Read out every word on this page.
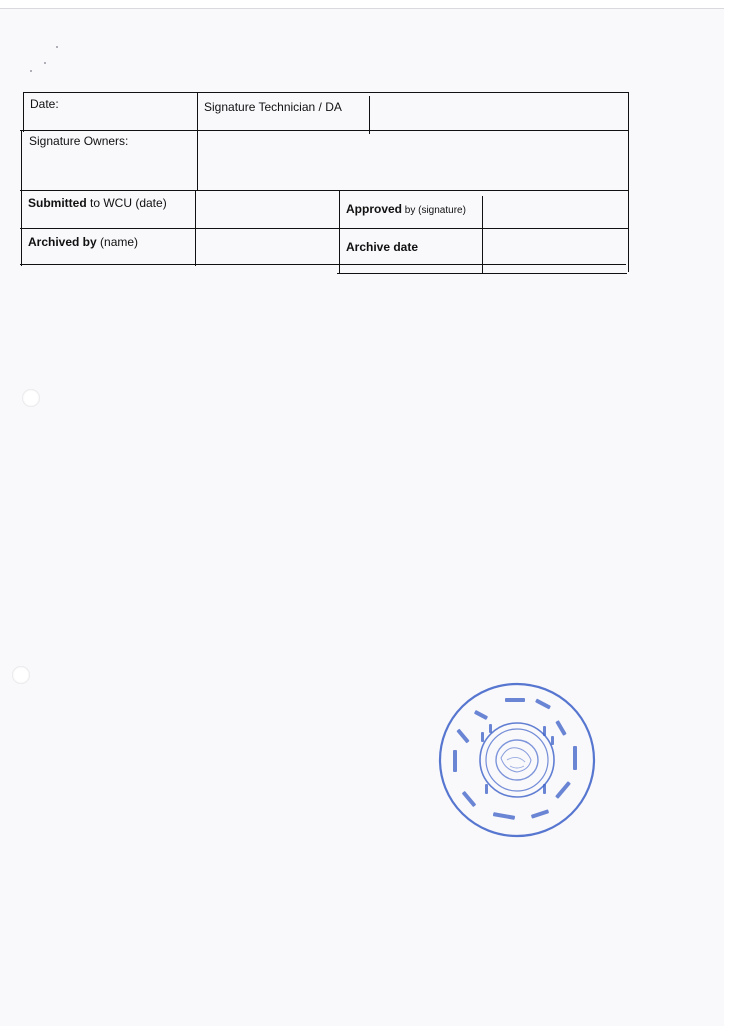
Date:	Signature Technician / DA
Signature Owners:
Submitted to WCU (date)	Approved by (signature)
Archived by (name)	Archive date
